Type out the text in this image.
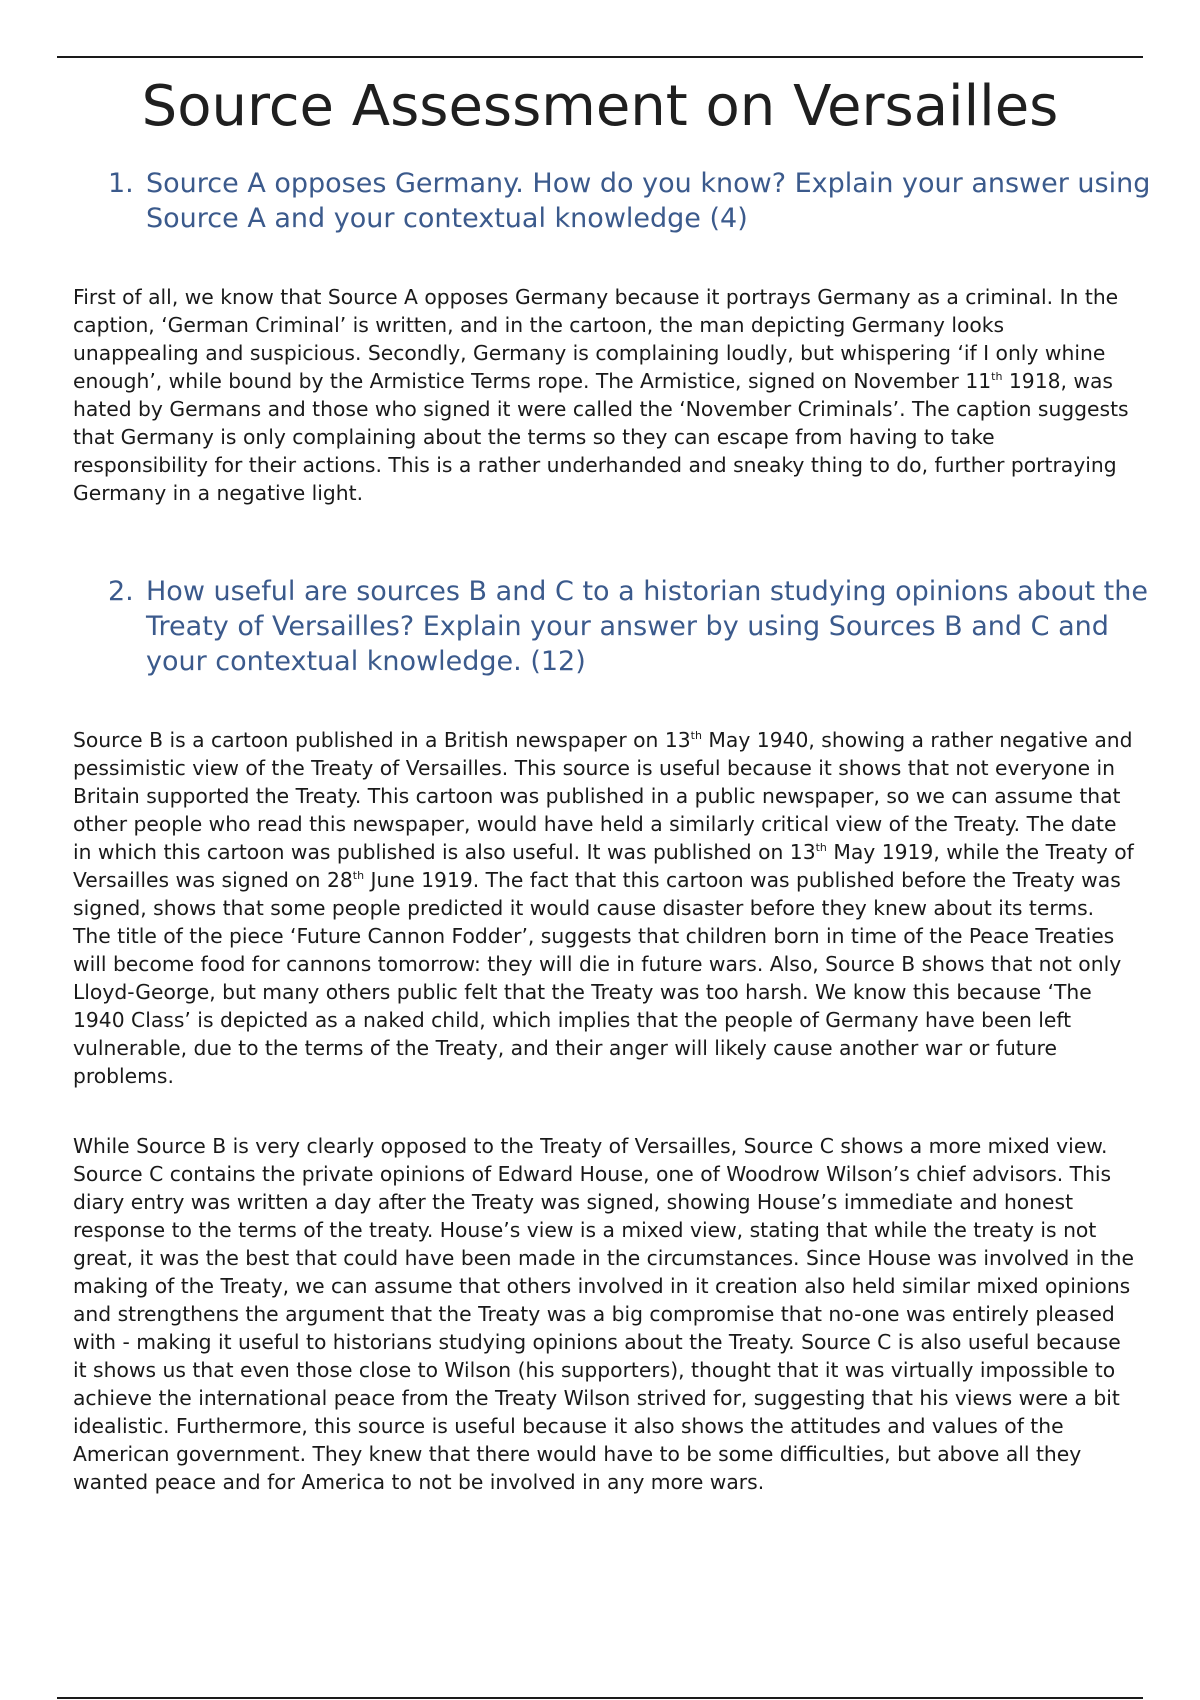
Source Assessment on Versailles
1. Source A opposes Germany. How do you know? Explain your answer using Source A and your contextual knowledge (4)

First of all, we know that Source A opposes Germany because it portrays Germany as a criminal. In the caption, ‘German Criminal’ is written, and in the cartoon, the man depicting Germany looks unappealing and suspicious. Secondly, Germany is complaining loudly, but whispering ‘if I only whine enough’, while bound by the Armistice Terms rope. The Armistice, signed on November 11th 1918, was hated by Germans and those who signed it were called the ‘November Criminals’. The caption suggests that Germany is only complaining about the terms so they can escape from having to take responsibility for their actions. This is a rather underhanded and sneaky thing to do, further portraying Germany in a negative light.

2. How useful are sources B and C to a historian studying opinions about the Treaty of Versailles? Explain your answer by using Sources B and C and your contextual knowledge. (12)

Source B is a cartoon published in a British newspaper on 13th May 1940, showing a rather negative and pessimistic view of the Treaty of Versailles. This source is useful because it shows that not everyone in Britain supported the Treaty. This cartoon was published in a public newspaper, so we can assume that other people who read this newspaper, would have held a similarly critical view of the Treaty. The date in which this cartoon was published is also useful. It was published on 13th May 1919, while the Treaty of Versailles was signed on 28th June 1919. The fact that this cartoon was published before the Treaty was signed, shows that some people predicted it would cause disaster before they knew about its terms. The title of the piece ‘Future Cannon Fodder’, suggests that children born in time of the Peace Treaties will become food for cannons tomorrow: they will die in future wars. Also, Source B shows that not only Lloyd-George, but many others public felt that the Treaty was too harsh. We know this because ‘The 1940 Class’ is depicted as a naked child, which implies that the people of Germany have been left vulnerable, due to the terms of the Treaty, and their anger will likely cause another war or future problems.

While Source B is very clearly opposed to the Treaty of Versailles, Source C shows a more mixed view. Source C contains the private opinions of Edward House, one of Woodrow Wilson’s chief advisors. This diary entry was written a day after the Treaty was signed, showing House’s immediate and honest response to the terms of the treaty. House’s view is a mixed view, stating that while the treaty is not great, it was the best that could have been made in the circumstances. Since House was involved in the making of the Treaty, we can assume that others involved in it creation also held similar mixed opinions and strengthens the argument that the Treaty was a big compromise that no-one was entirely pleased with - making it useful to historians studying opinions about the Treaty. Source C is also useful because it shows us that even those close to Wilson (his supporters), thought that it was virtually impossible to achieve the international peace from the Treaty Wilson strived for, suggesting that his views were a bit idealistic. Furthermore, this source is useful because it also shows the attitudes and values of the American government. They knew that there would have to be some difficulties, but above all they wanted peace and for America to not be involved in any more wars.
